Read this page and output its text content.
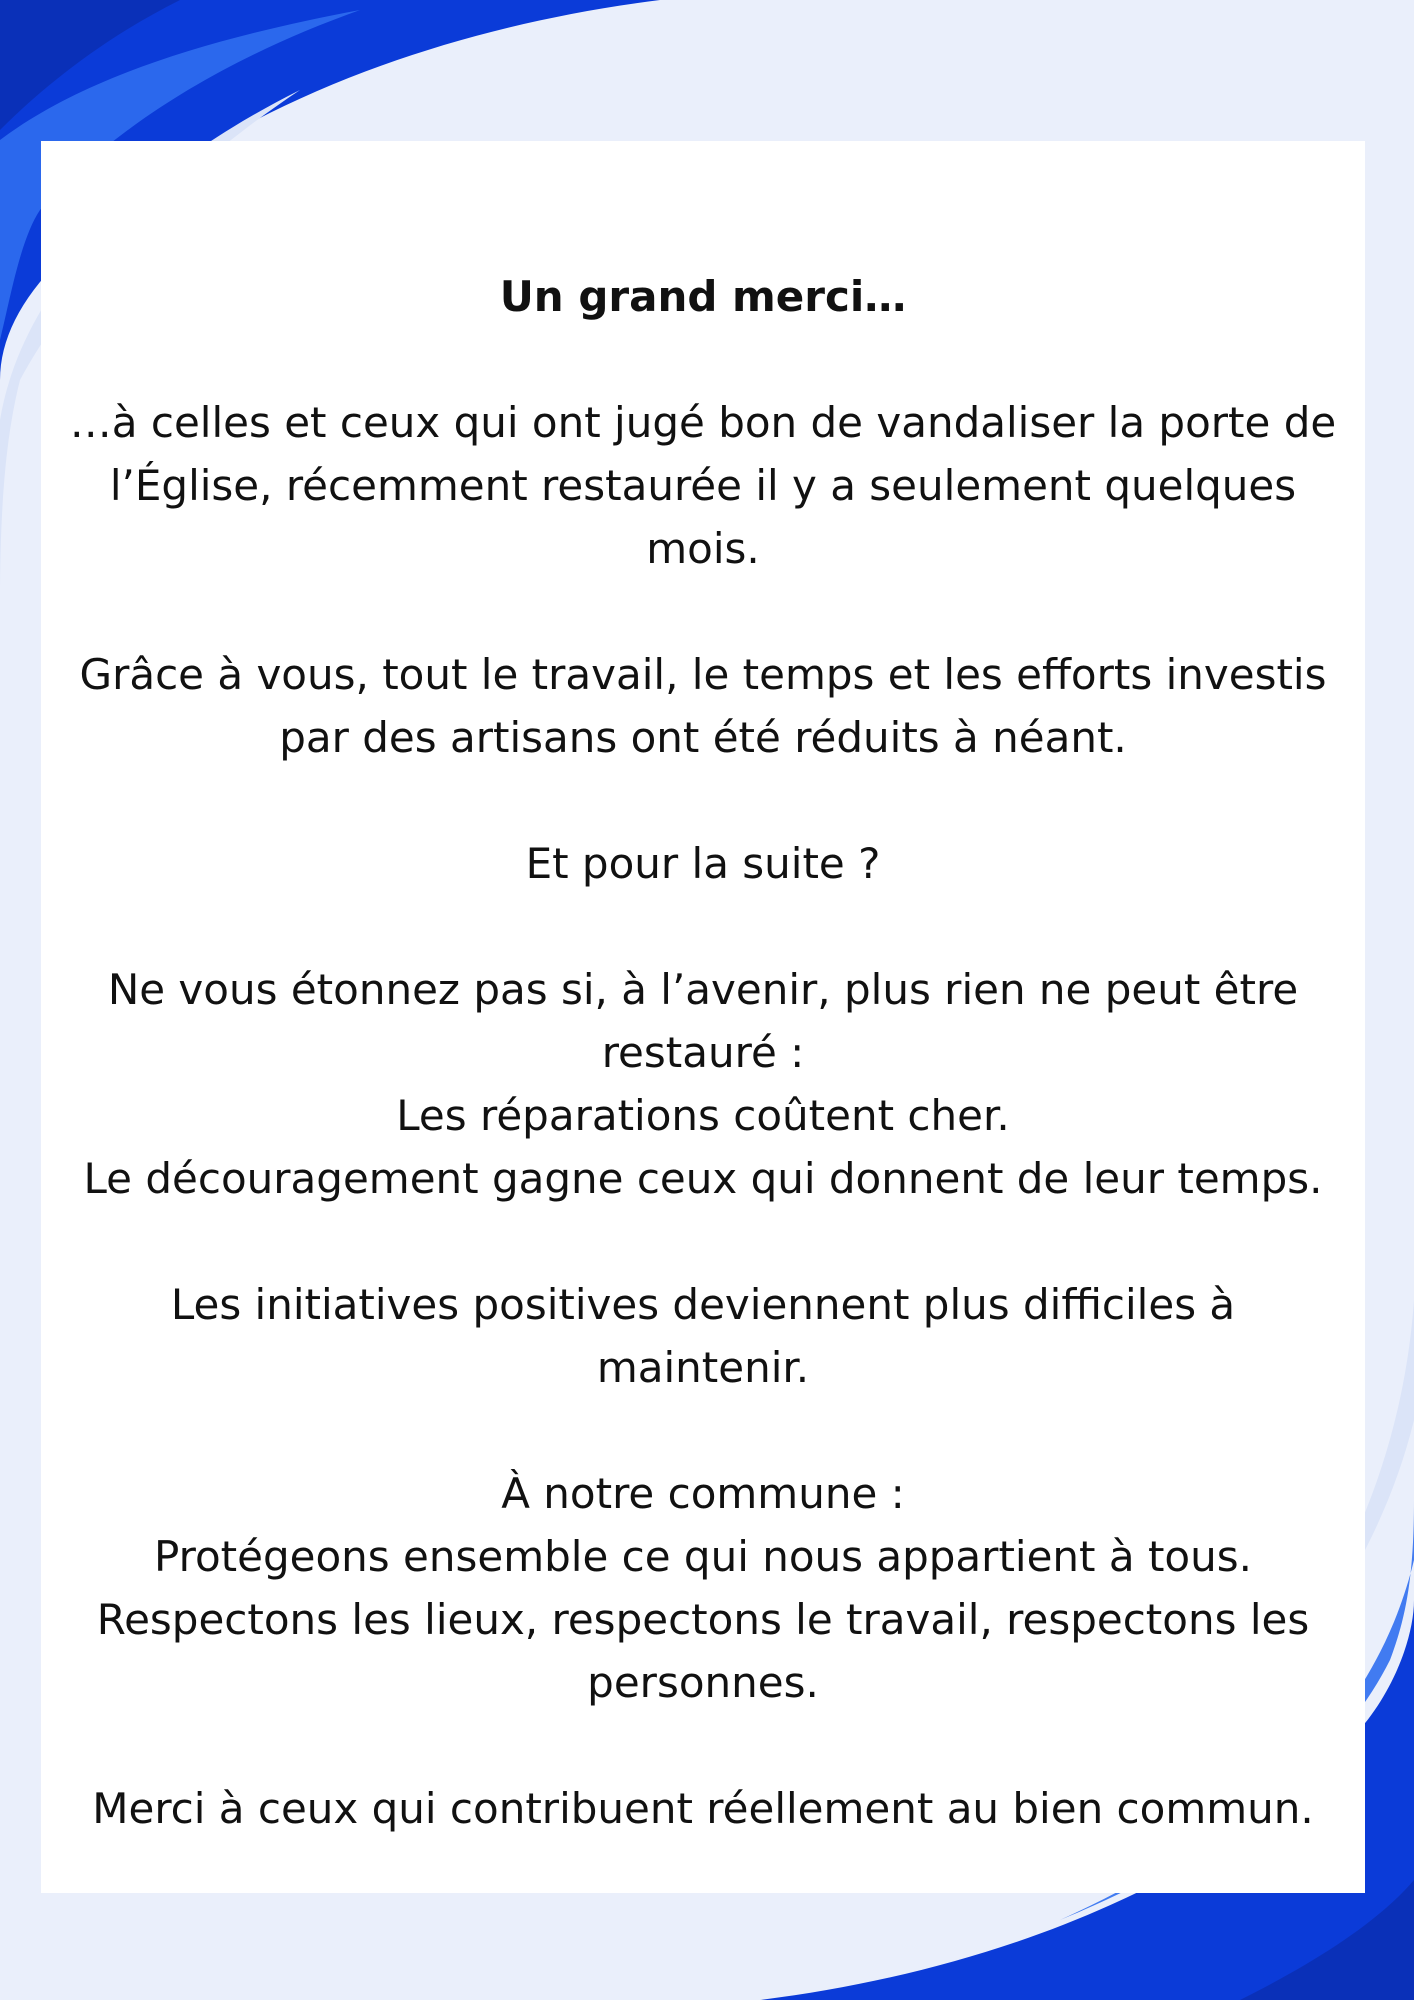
Un grand merci…

…à celles et ceux qui ont jugé bon de vandaliser la porte de
l’Église, récemment restaurée il y a seulement quelques
mois.

Grâce à vous, tout le travail, le temps et les efforts investis
par des artisans ont été réduits à néant.

Et pour la suite ?

Ne vous étonnez pas si, à l’avenir, plus rien ne peut être
restauré :
Les réparations coûtent cher.
Le découragement gagne ceux qui donnent de leur temps.

Les initiatives positives deviennent plus difficiles à
maintenir.

À notre commune :
Protégeons ensemble ce qui nous appartient à tous.
Respectons les lieux, respectons le travail, respectons les
personnes.

Merci à ceux qui contribuent réellement au bien commun.
